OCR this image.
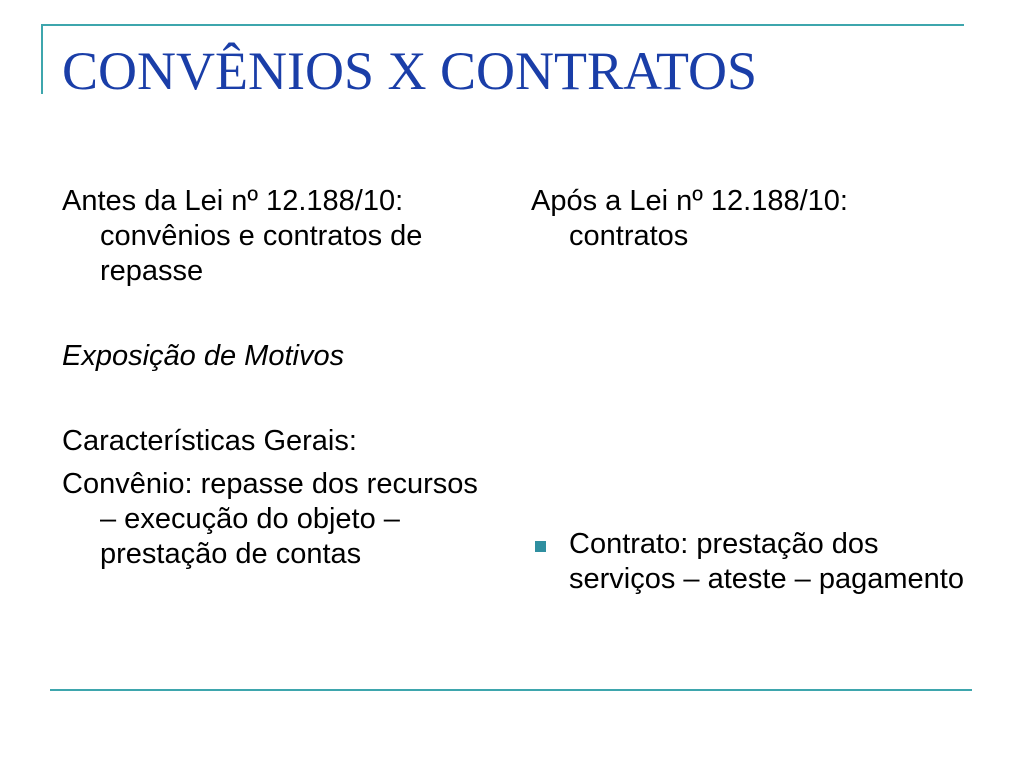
CONVÊNIOS X CONTRATOS

Antes da Lei nº 12.188/10: convênios e contratos de repasse

Exposição de Motivos

Características Gerais:

Convênio: repasse dos recursos – execução do objeto – prestação de contas

Após a Lei nº 12.188/10: contratos

Contrato: prestação dos serviços – ateste – pagamento
